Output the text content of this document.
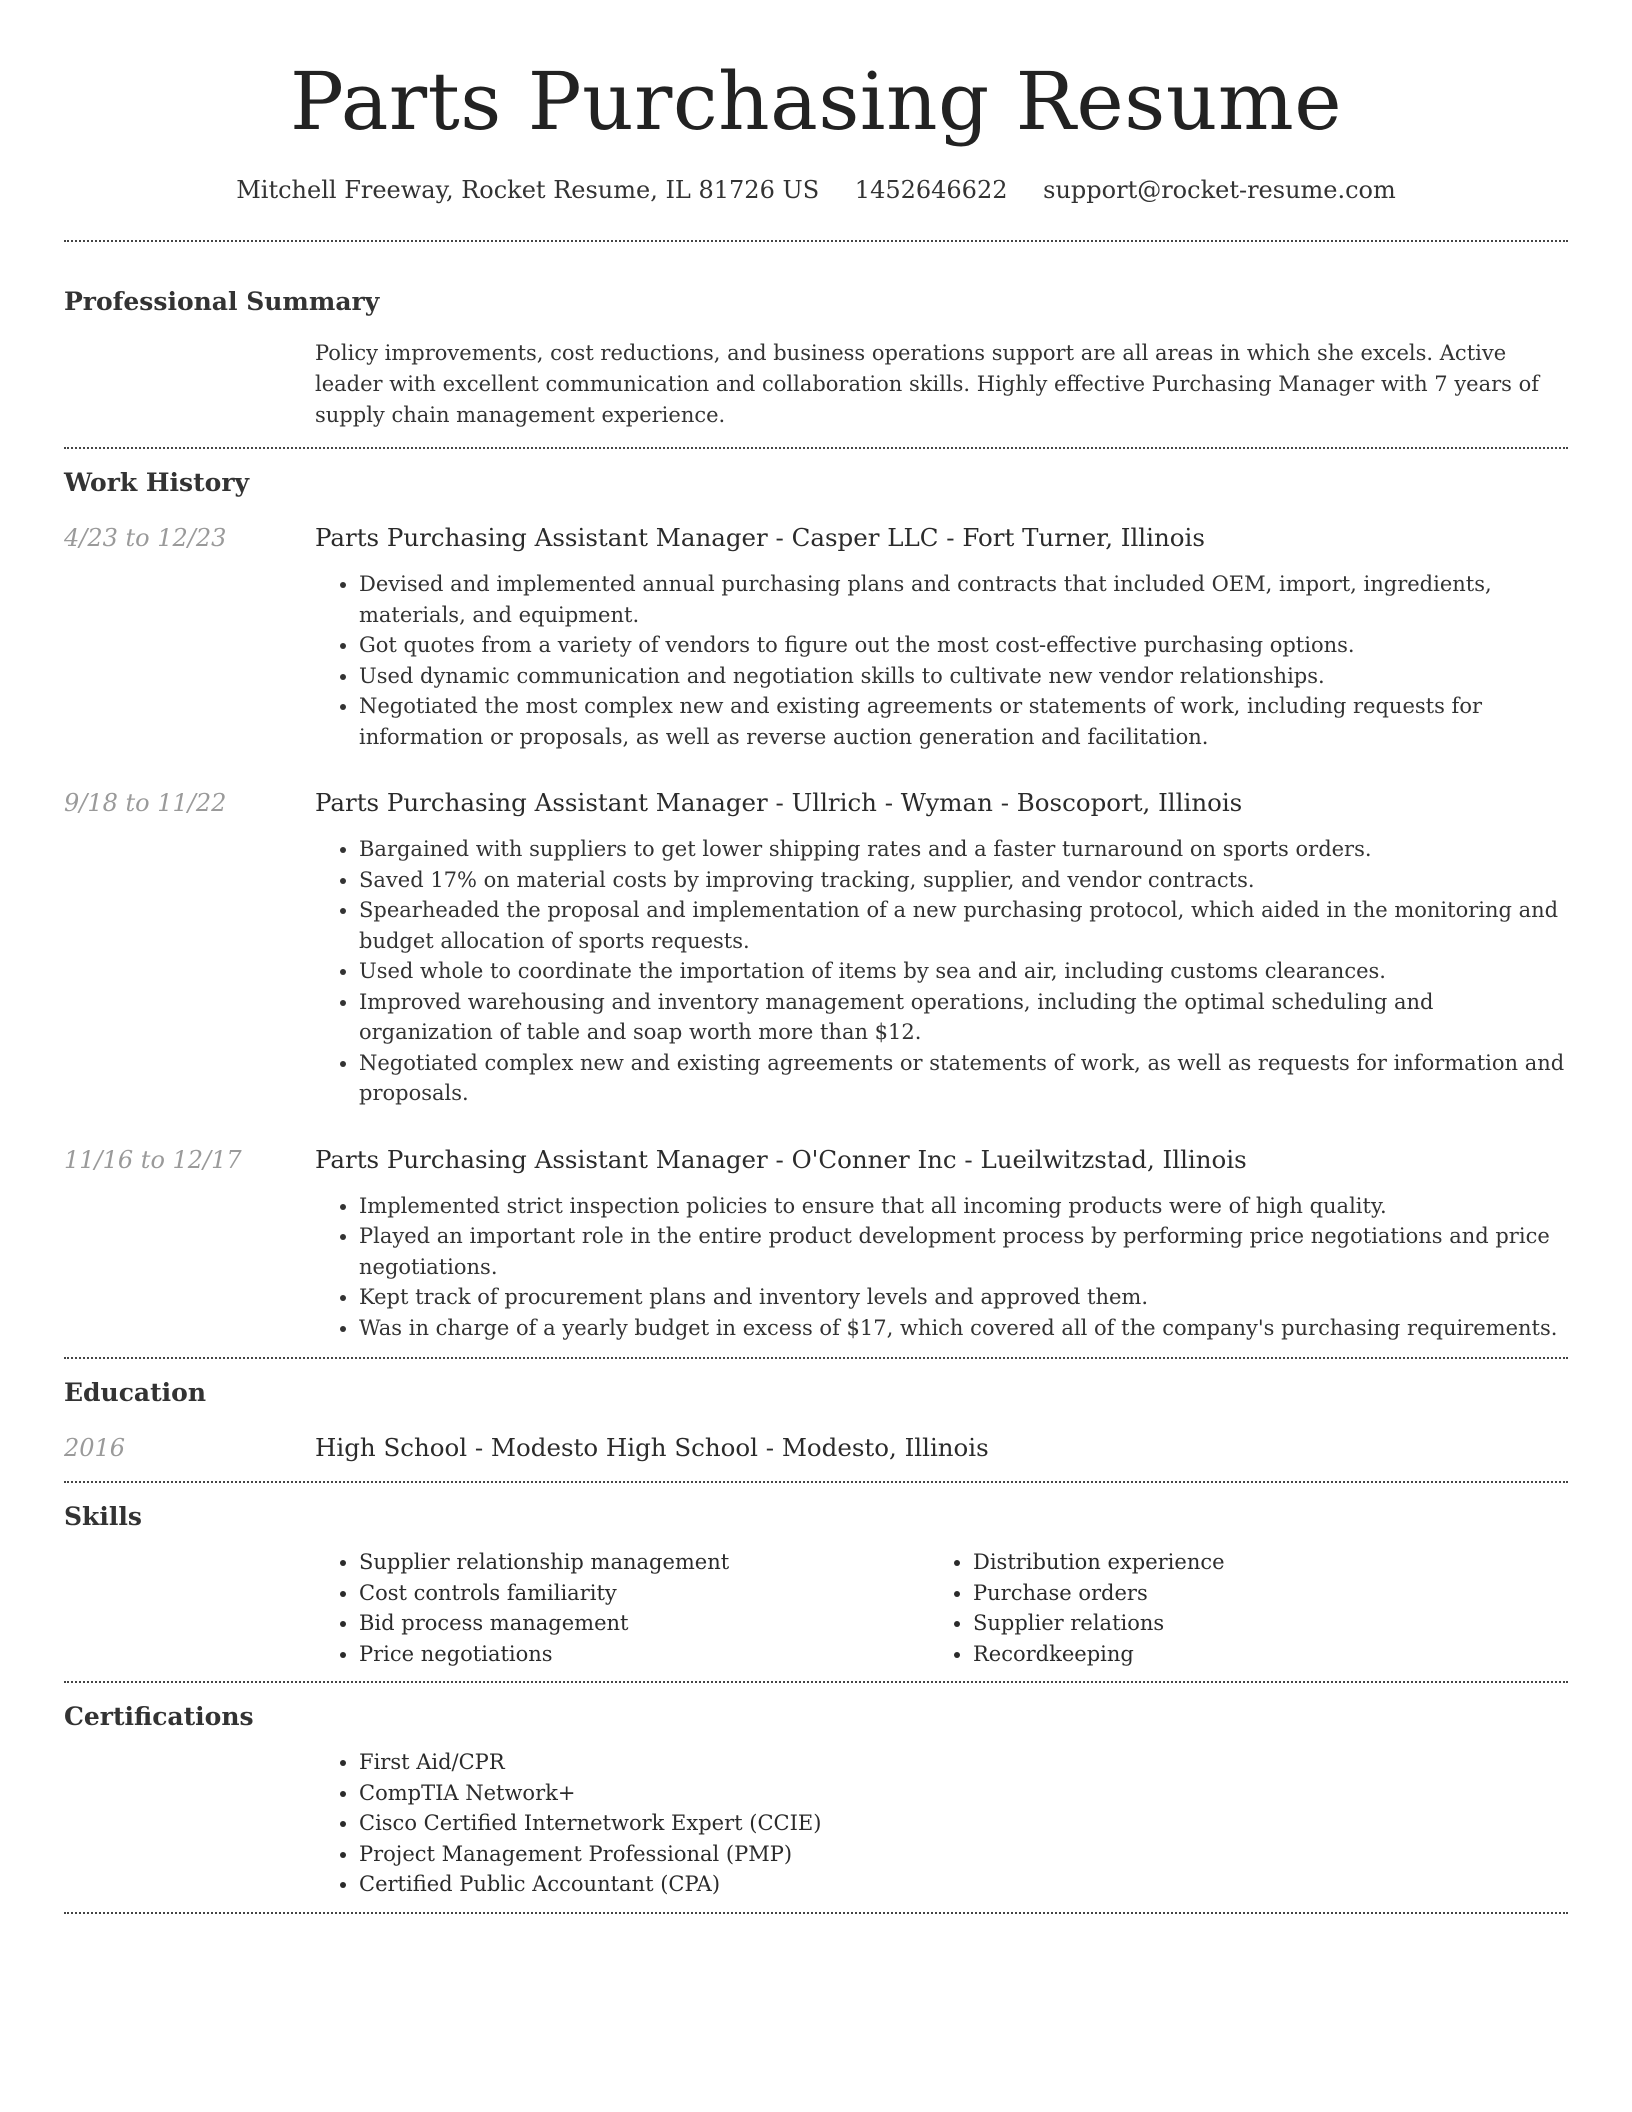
Parts Purchasing Resume
Mitchell Freeway, Rocket Resume, IL 81726 US 1452646622 support@rocket-resume.com
Professional Summary

Policy improvements, cost reductions, and business operations support are all areas in which she excels. Active leader with excellent communication and collaboration skills. Highly effective Purchasing Manager with 7 years of supply chain management experience.

Work History
4/23 to 12/23	Parts Purchasing Assistant Manager - Casper LLC - Fort Turner, Illinois
• Devised and implemented annual purchasing plans and contracts that included OEM, import, ingredients, materials, and equipment.
• Got quotes from a variety of vendors to figure out the most cost-effective purchasing options.
• Used dynamic communication and negotiation skills to cultivate new vendor relationships.
• Negotiated the most complex new and existing agreements or statements of work, including requests for information or proposals, as well as reverse auction generation and facilitation.
9/18 to 11/22	Parts Purchasing Assistant Manager - Ullrich - Wyman - Boscoport, Illinois
• Bargained with suppliers to get lower shipping rates and a faster turnaround on sports orders.
• Saved 17% on material costs by improving tracking, supplier, and vendor contracts.
• Spearheaded the proposal and implementation of a new purchasing protocol, which aided in the monitoring and budget allocation of sports requests.
• Used whole to coordinate the importation of items by sea and air, including customs clearances.
• Improved warehousing and inventory management operations, including the optimal scheduling and organization of table and soap worth more than $12.
• Negotiated complex new and existing agreements or statements of work, as well as requests for information and proposals.
11/16 to 12/17	Parts Purchasing Assistant Manager - O'Conner Inc - Lueilwitzstad, Illinois
• Implemented strict inspection policies to ensure that all incoming products were of high quality.
• Played an important role in the entire product development process by performing price negotiations and price negotiations.
• Kept track of procurement plans and inventory levels and approved them.
• Was in charge of a yearly budget in excess of $17, which covered all of the company's purchasing requirements.
Education
2016	High School - Modesto High School - Modesto, Illinois
Skills
• Supplier relationship management
• Cost controls familiarity
• Bid process management
• Price negotiations
• Distribution experience
• Purchase orders
• Supplier relations
• Recordkeeping
Certifications
• First Aid/CPR
• CompTIA Network+
• Cisco Certified Internetwork Expert (CCIE)
• Project Management Professional (PMP)
• Certified Public Accountant (CPA)
